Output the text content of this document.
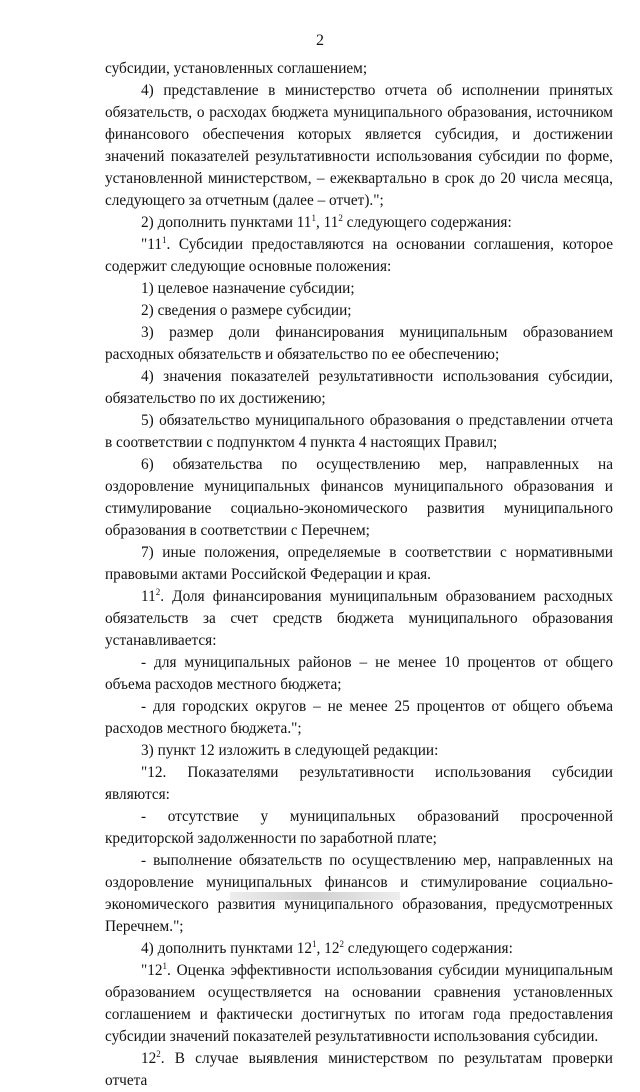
2

субсидии, установленных соглашением;

4) представление в министерство отчета об исполнении принятых обязательств, о расходах бюджета муниципального образования, источником финансового обеспечения которых является субсидия, и достижении значений показателей результативности использования субсидии по форме, установленной министерством, – ежеквартально в срок до 20 числа месяца, следующего за отчетным (далее – отчет).";

2) дополнить пунктами $11^1$, $11^2$ следующего содержания:

"$11^1$. Субсидии предоставляются на основании соглашения, которое содержит следующие основные положения:

1) целевое назначение субсидии;

2) сведения о размере субсидии;

3) размер доли финансирования муниципальным образованием расходных обязательств и обязательство по ее обеспечению;

4) значения показателей результативности использования субсидии, обязательство по их достижению;

5) обязательство муниципального образования о представлении отчета в соответствии с подпунктом 4 пункта 4 настоящих Правил;

6) обязательства по осуществлению мер, направленных на оздоровление муниципальных финансов муниципального образования и стимулирование социально-экономического развития муниципального образования в соответствии с Перечнем;

7) иные положения, определяемые в соответствии с нормативными правовыми актами Российской Федерации и края.

$11^2$. Доля финансирования муниципальным образованием расходных обязательств за счет средств бюджета муниципального образования устанавливается:

- для муниципальных районов – не менее 10 процентов от общего объема расходов местного бюджета;

- для городских округов – не менее 25 процентов от общего объема расходов местного бюджета.";

3) пункт 12 изложить в следующей редакции:

"12. Показателями результативности использования субсидии являются:

- отсутствие у муниципальных образований просроченной кредиторской задолженности по заработной плате;

- выполнение обязательств по осуществлению мер, направленных на оздоровление муниципальных финансов и стимулирование социально-экономического развития муниципального образования, предусмотренных Перечнем.";

4) дополнить пунктами $12^1$, $12^2$ следующего содержания:

"$12^1$. Оценка эффективности использования субсидии муниципальным образованием осуществляется на основании сравнения установленных соглашением и фактически достигнутых по итогам года предоставления субсидии значений показателей результативности использования субсидии.

$12^2$. В случае выявления министерством по результатам проверки отчета
